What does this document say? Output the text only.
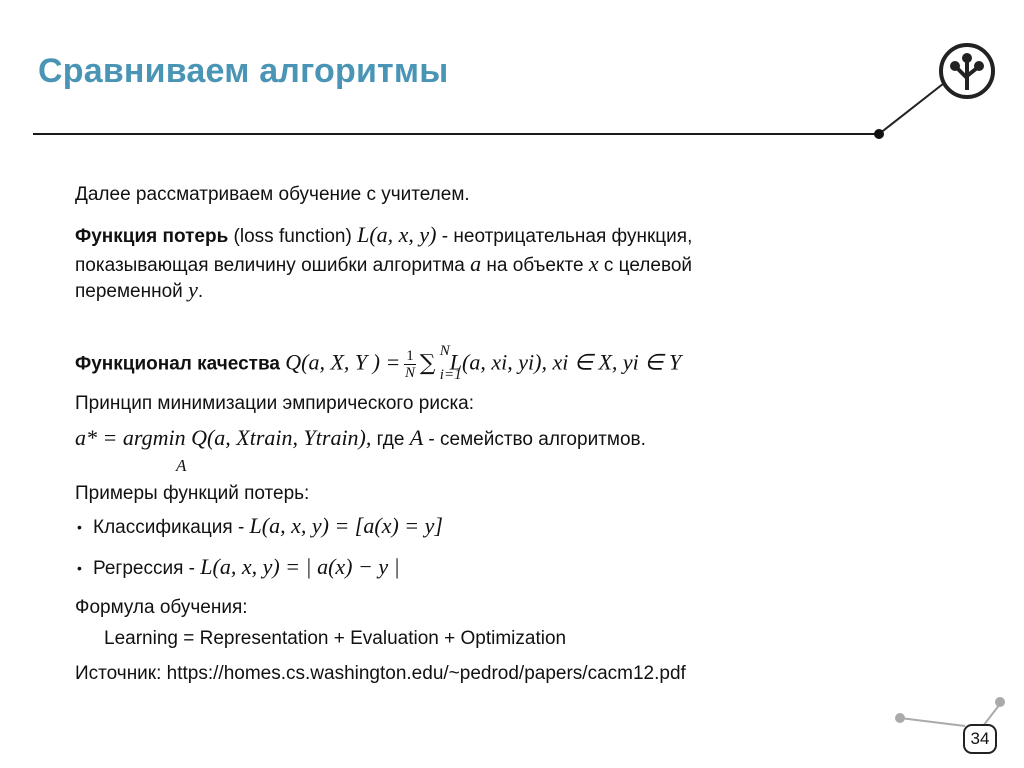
Сравниваем алгоритмы
Далее рассматриваем обучение с учителем.
Функция потерь (loss function) L(a, x, y) - неотрицательная функция,
показывающая величину ошибки алгоритма a на объекте x с целевой
переменной y.
Функционал качества Q(a, X, Y ) = $\frac{1}{N}$ ∑ N
i=1
L(a, xi, yi), xi ∈ X, yi ∈ Y
Принцип минимизации эмпирического риска:
a* = argmin Q(a, Xtrain, Ytrain), где A - семейство алгоритмов.
A
Примеры функций потерь:
• Классификация - L(a, x, y) = [a(x) = y]
• Регрессия - L(a, x, y) = | a(x) − y |
Формула обучения:
Learning = Representation + Evaluation + Optimization
Источник: https://homes.cs.washington.edu/~pedrod/papers/cacm12.pdf
34
